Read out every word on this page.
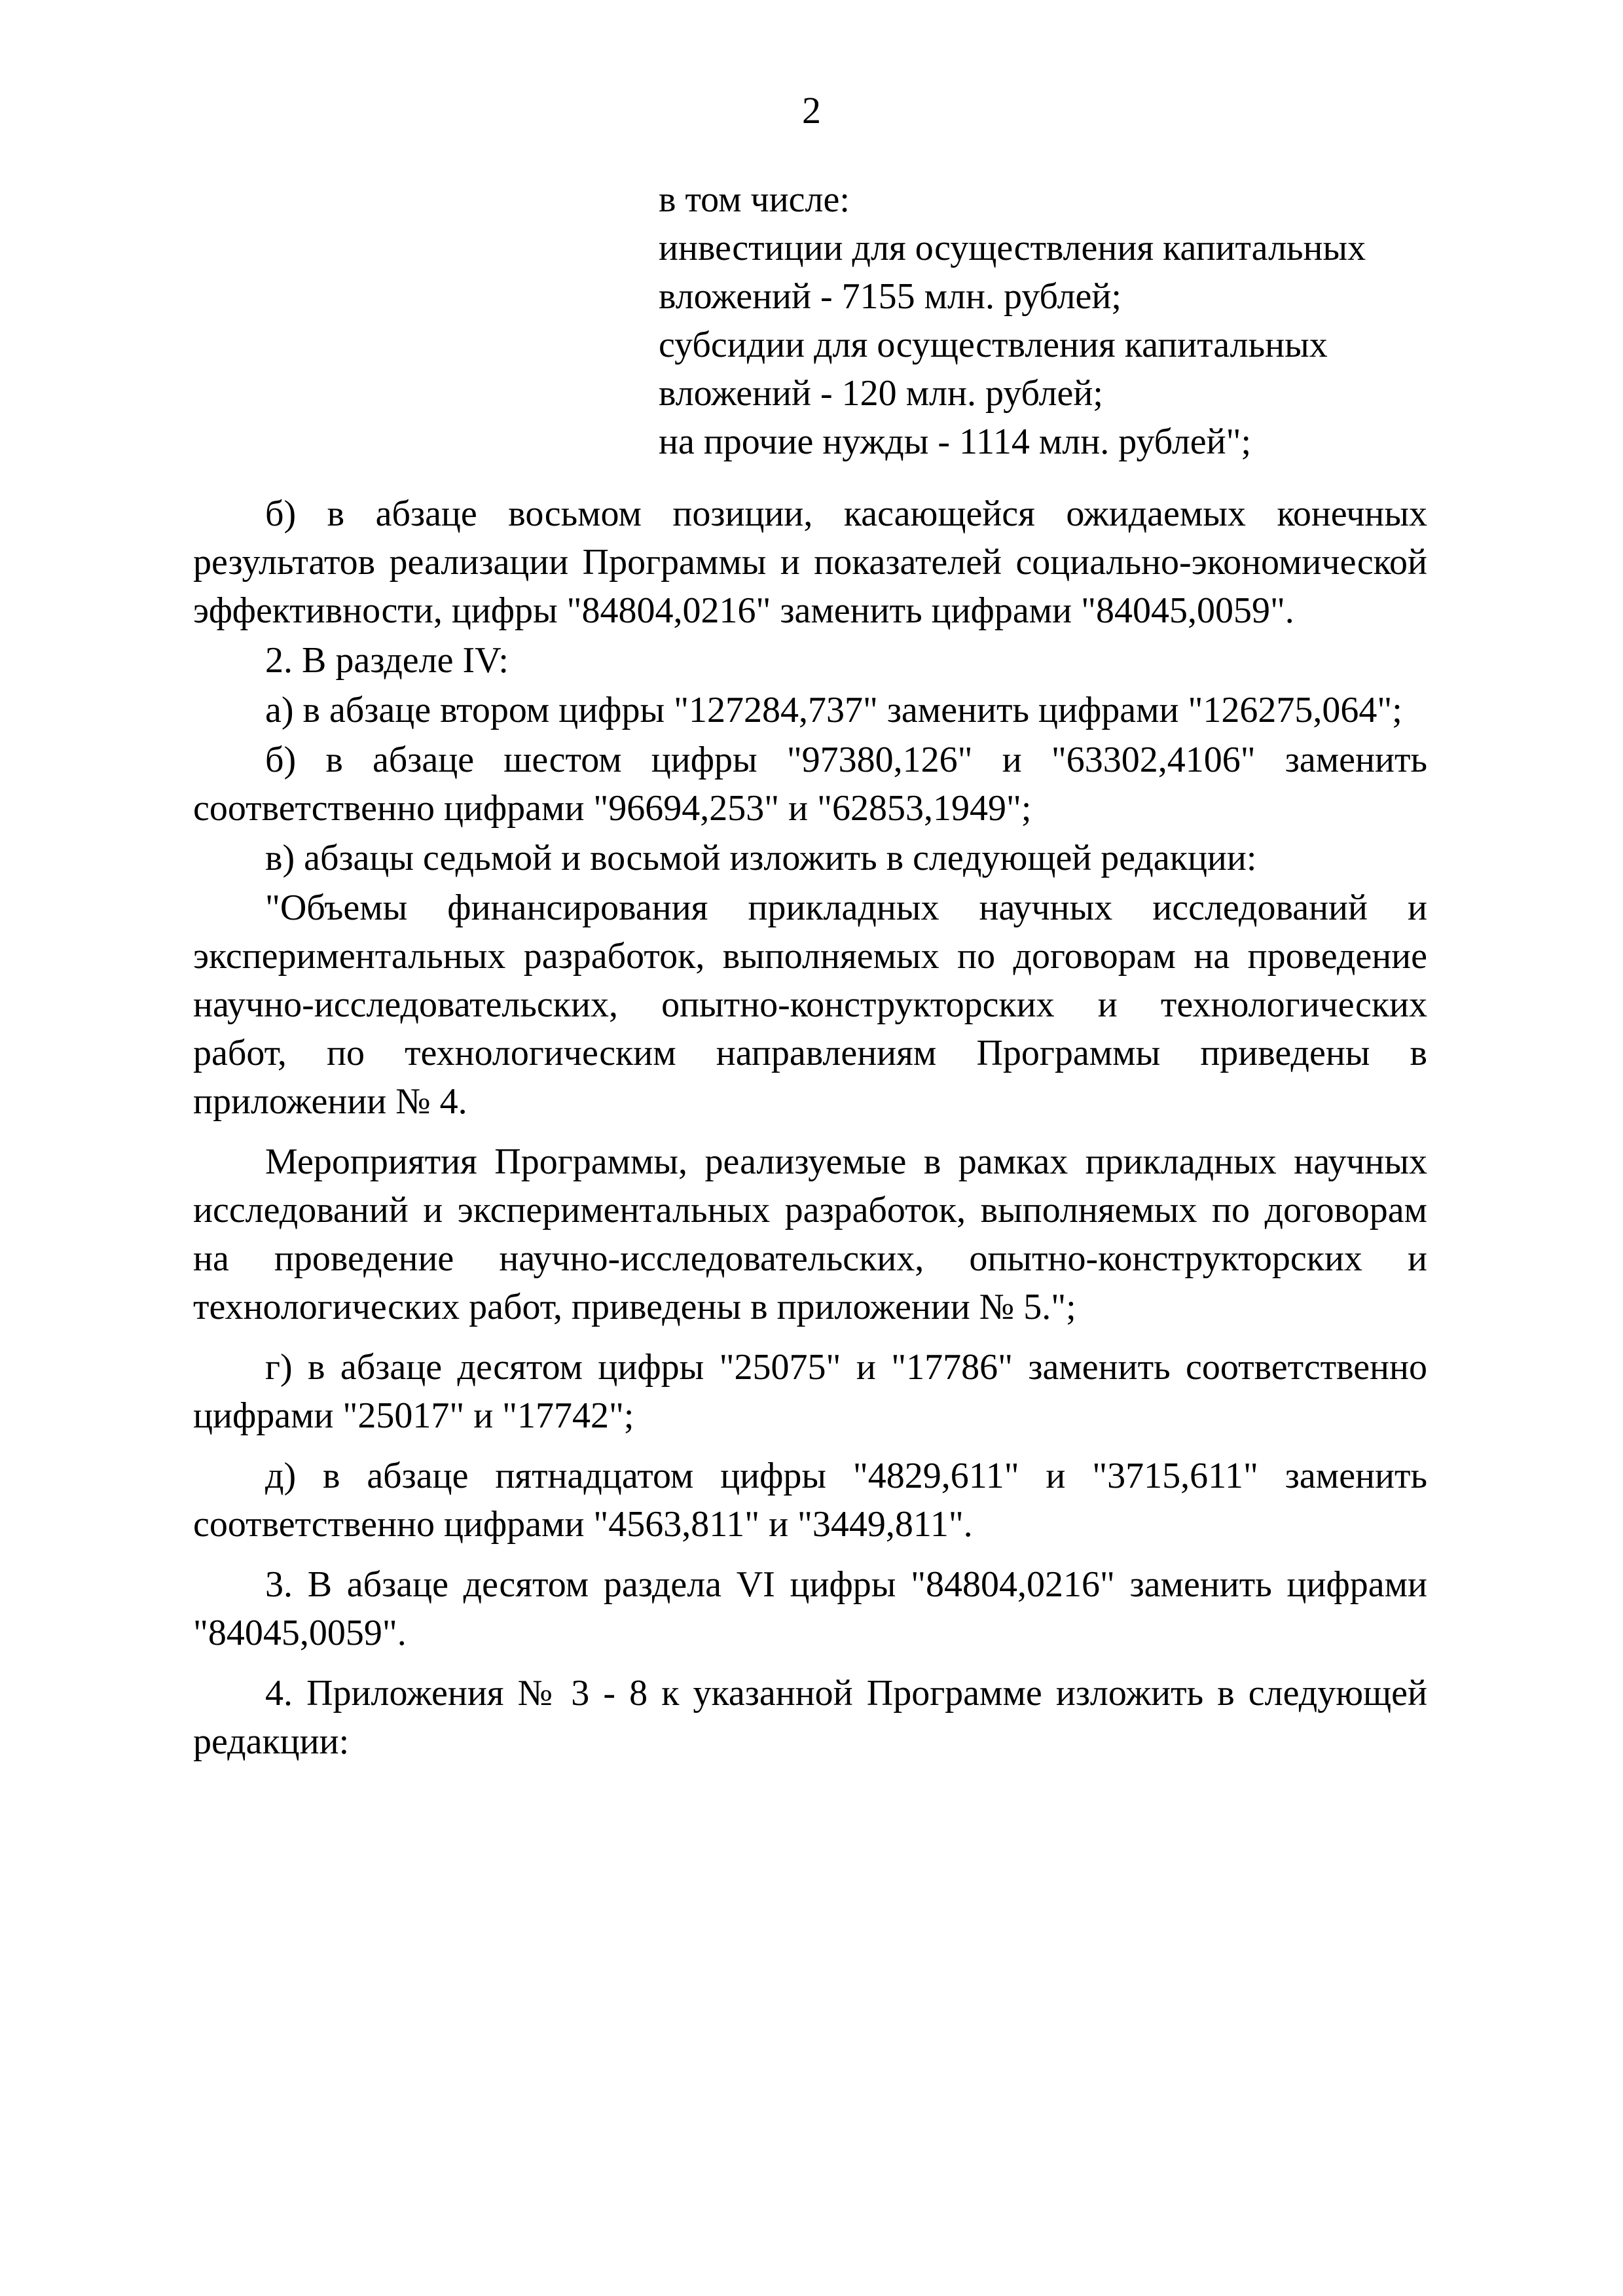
2
в том числе:
инвестиции для осуществления капитальных
вложений - 7155 млн. рублей;
субсидии для осуществления капитальных
вложений - 120 млн. рублей;
на прочие нужды - 1114 млн. рублей";

б) в абзаце восьмом позиции, касающейся ожидаемых конечных результатов реализации Программы и показателей социально-экономической эффективности, цифры "84804,0216" заменить цифрами "84045,0059".

2. В разделе IV:

а) в абзаце втором цифры "127284,737" заменить цифрами "126275,064";

б) в абзаце шестом цифры "97380,126" и "63302,4106" заменить соответственно цифрами "96694,253" и "62853,1949";

в) абзацы седьмой и восьмой изложить в следующей редакции:

"Объемы финансирования прикладных научных исследований и экспериментальных разработок, выполняемых по договорам на проведение научно-исследовательских, опытно-конструкторских и технологических работ, по технологическим направлениям Программы приведены в приложении № 4.

Мероприятия Программы, реализуемые в рамках прикладных научных исследований и экспериментальных разработок, выполняемых по договорам на проведение научно-исследовательских, опытно-конструкторских и технологических работ, приведены в приложении № 5.";

г) в абзаце десятом цифры "25075" и "17786" заменить соответственно цифрами "25017" и "17742";

д) в абзаце пятнадцатом цифры "4829,611" и "3715,611" заменить соответственно цифрами "4563,811" и "3449,811".

3. В абзаце десятом раздела VI цифры "84804,0216" заменить цифрами "84045,0059".

4. Приложения № 3 - 8 к указанной Программе изложить в следующей редакции:
